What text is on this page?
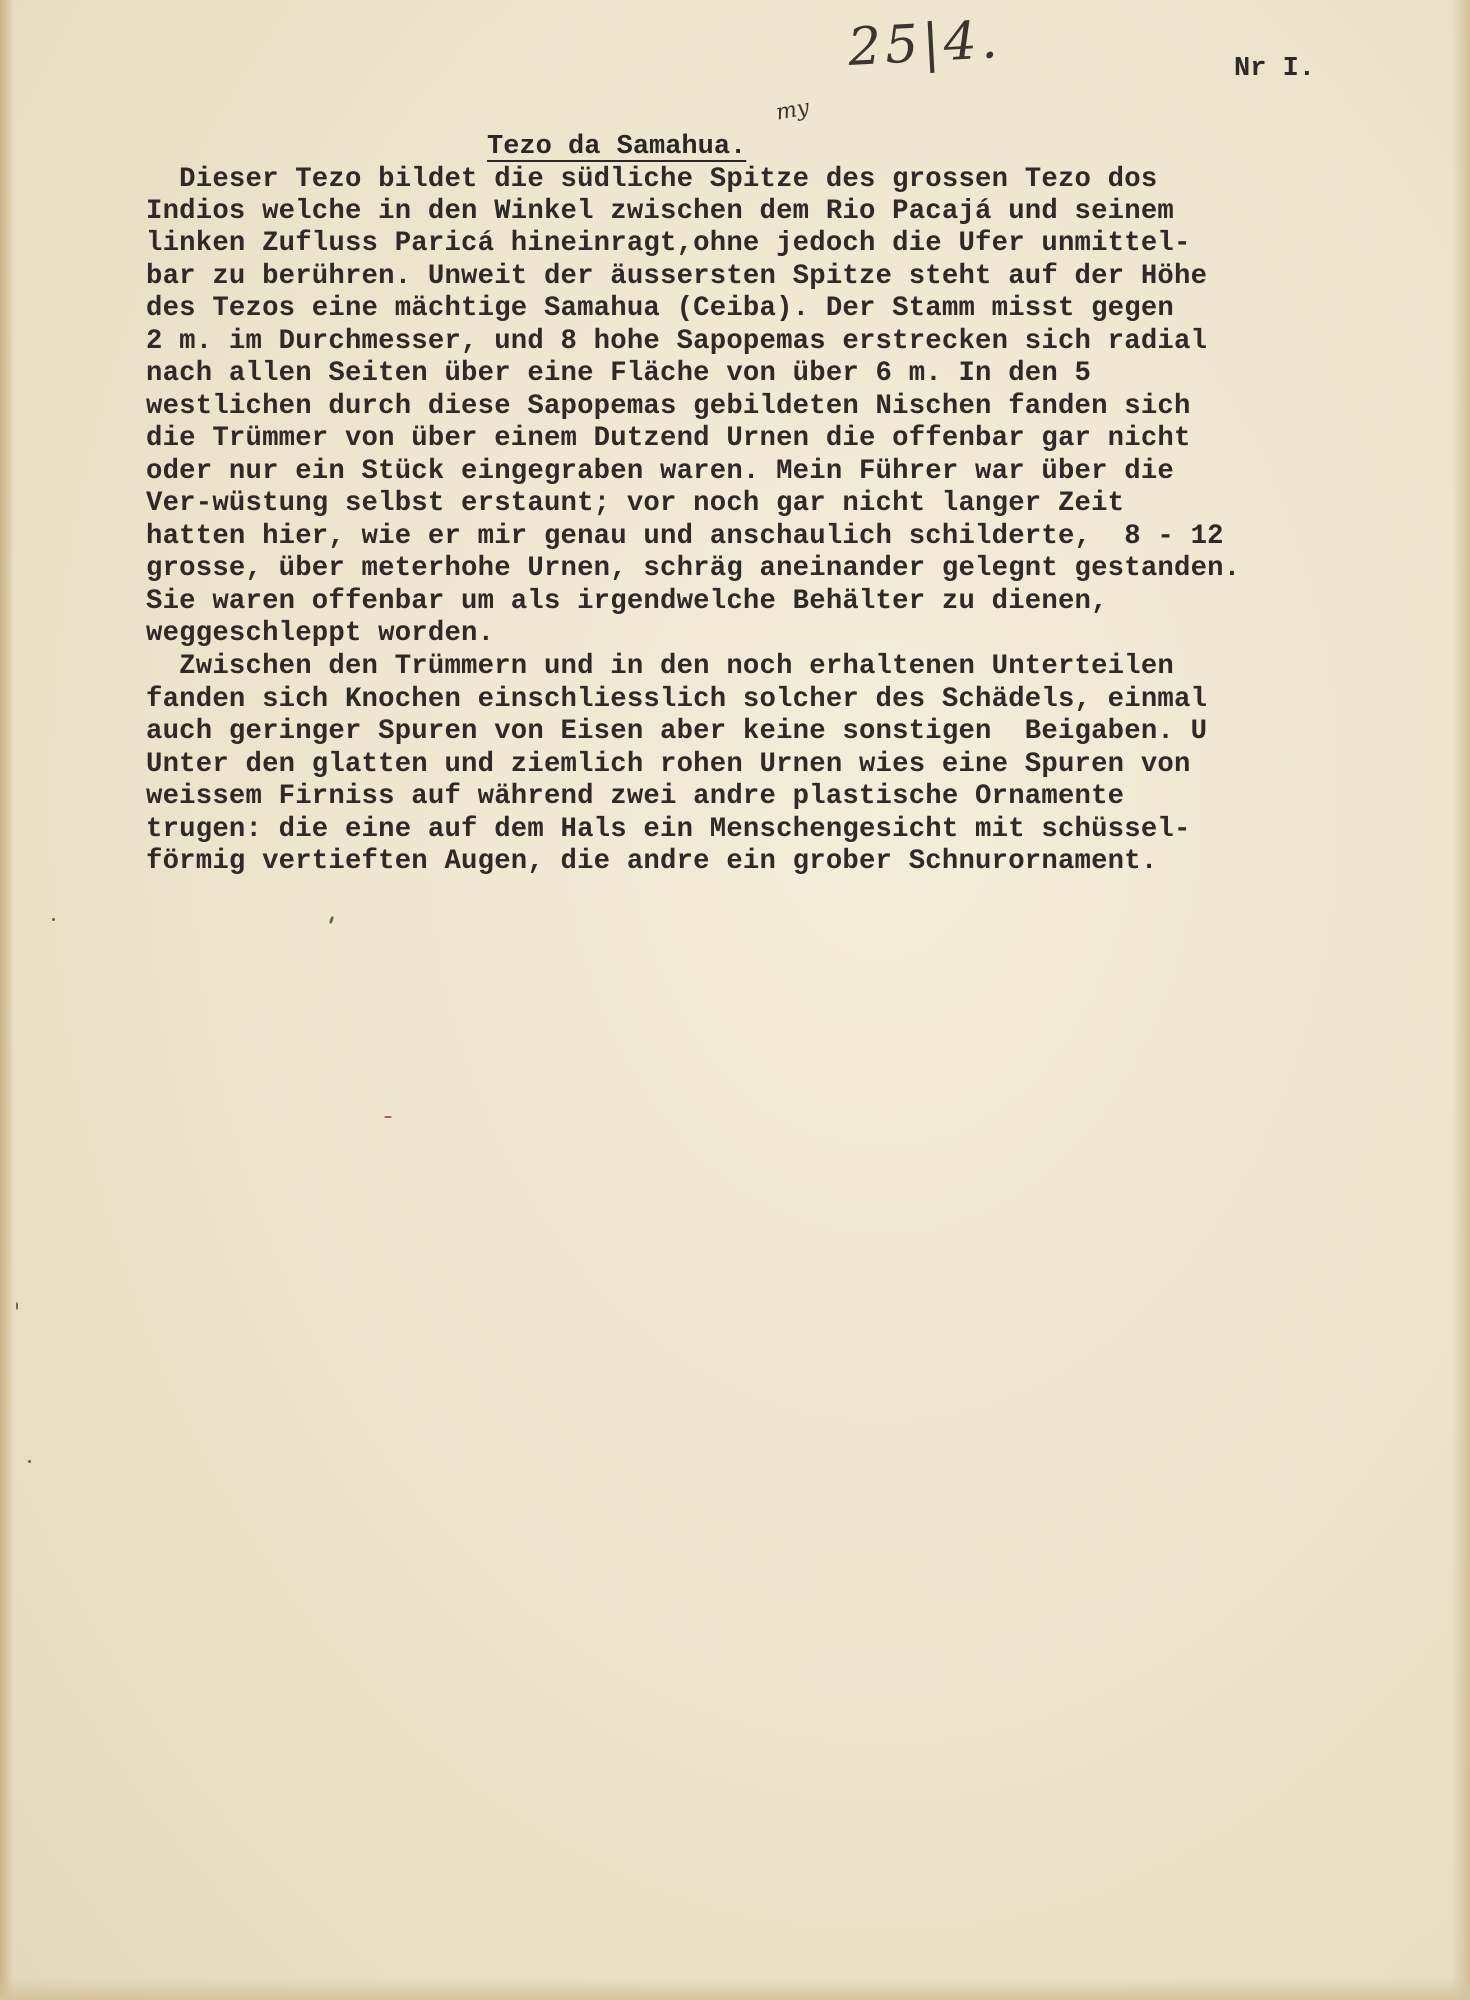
25|4.	Nr I.
my
Tezo da Samahua.
Dieser Tezo bildet die südliche Spitze des grossen Tezo dos
Indios welche in den Winkel zwischen dem Rio Pacajá und seinem
linken Zufluss Paricá hineinragt,ohne jedoch die Ufer unmittel-
bar zu berühren. Unweit der äussersten Spitze steht auf der Höhe
des Tezos eine mächtige Samahua (Ceiba). Der Stamm misst gegen
2 m. im Durchmesser, und 8 hohe Sapopemas erstrecken sich radial
nach allen Seiten über eine Fläche von über 6 m. In den 5
westlichen durch diese Sapopemas gebildeten Nischen fanden sich
die Trümmer von über einem Dutzend Urnen die offenbar gar nicht
oder nur ein Stück eingegraben waren. Mein Führer war über die
Ver-wüstung selbst erstaunt; vor noch gar nicht langer Zeit
hatten hier, wie er mir genau und anschaulich schilderte,  8 - 12
grosse, über meterhohe Urnen, schräg aneinander gelegnt gestanden.
Sie waren offenbar um als irgendwelche Behälter zu dienen,
weggeschleppt worden.
Zwischen den Trümmern und in den noch erhaltenen Unterteilen
fanden sich Knochen einschliesslich solcher des Schädels, einmal
auch geringer Spuren von Eisen aber keine sonstigen  Beigaben. U
Unter den glatten und ziemlich rohen Urnen wies eine Spuren von
weissem Firniss auf während zwei andre plastische Ornamente
trugen: die eine auf dem Hals ein Menschengesicht mit schüssel-
förmig vertieften Augen, die andre ein grober Schnurornament.
